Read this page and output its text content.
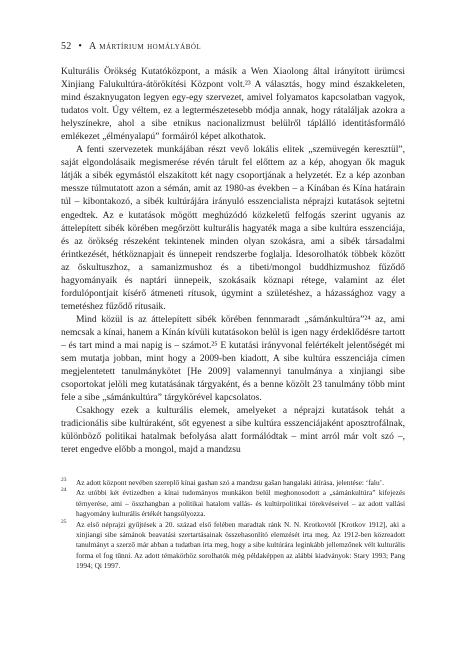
52 • A mártírium homályából

Kulturális Örökség Kutatóközpont, a másik a Wen Xiaolong által irányított ürümcsi Xinjiang Falukultúra-átörökítési Központ volt.²³ A választás, hogy mind északkeleten, mind északnyugaton legyen egy-egy szervezet, amivel folyamatos kapcsolatban vagyok, tudatos volt. Úgy véltem, ez a legtermészetesebb módja annak, hogy rátaláljak azokra a helyszínekre, ahol a sibe etnikus nacionalizmust belülről táplálló identitásformáló emlékezet „élményalapú” formáiról képet alkothatok.

A fenti szervezetek munkájában részt vevő lokális elitek „szemüvegén keresztül”, saját elgondolásaik megismerése révén tárult fel előttem az a kép, ahogyan ők maguk látják a sibék egymástól elszakított két nagy csoportjának a helyzetét. Ez a kép azonban messze túlmutatott azon a sémán, amit az 1980-as években – a Kínában és Kína határain túl – kibontakozó, a sibék kultúrájára irányuló esszencialista néprajzi kutatások sejtetni engedtek. Az e kutatások mögött meghúzódó közkeletű felfogás szerint ugyanis az áttelepített sibék körében megőrzött kulturális hagyaték maga a sibe kultúra esszenciája, és az örökség részeként tekintenek minden olyan szokásra, ami a sibék társadalmi érintkezését, hétköznapjait és ünnepeit rendszerbe foglalja. Idesorolhatók többek között az őskultuszhoz, a samanizmushoz és a tibeti/mongol buddhizmushoz fűződő hagyományaik és naptári ünnepeik, szokásaik köznapi rétege, valamint az élet fordulópontjait kísérő átmeneti rítusok, úgymint a születéshez, a házassághoz vagy a temetéshez fűződő rítusaik.

Mind közül is az áttelepített sibék körében fennmaradt „sámánkultúra”²⁴ az, ami nemcsak a kínai, hanem a Kínán kívüli kutatásokon belül is igen nagy érdeklődésre tartott – és tart mind a mai napig is – számot.²⁵ E kutatási irányvonal felértékelt jelentőségét mi sem mutatja jobban, mint hogy a 2009-ben kiadott, A sibe kultúra esszenciája címen megjelentetett tanulmánykötet [He 2009] valamennyi tanulmánya a xinjiangi sibe csoportokat jelöli meg kutatásának tárgyaként, és a benne közölt 23 tanulmány több mint fele a sibe „sámánkultúra” tárgykörével kapcsolatos.

Csakhogy ezek a kulturális elemek, amelyeket a néprajzi kutatások tehát a tradicionális sibe kultúraként, sőt egyenest a sibe kultúra esszenciájaként aposztrofálnak, különböző politikai hatalmak befolyása alatt formálódtak – mint arról már volt szó –, teret engedve előbb a mongol, majd a mandzsu

23 Az adott központ nevében szereplő kínai gashan szó a mandzsu gašan hangalaki átírása, jelentése: ‘falu’.

24 Az utóbbi két évtizedben a kínai tudományos munkákon belül meghonosodott a „sámánkultúra” kifejezés térnyerése, ami – összhangban a politikai hatalom vallás- és kultúrpolitikai törekvéseivel – az adott vallási hagyomány kulturális értékét hangsúlyozza.

25 Az első néprajzi gyűjtések a 20. század első felében maradtak ránk N. N. Krotkovtól [Krotkov 1912], aki a xinjiangi sibe sámánok beavatási szertartásainak összehasonlító elemzését írta meg. Az 1912-ben közreadott tanulmányt a szerző már abban a tudatban írta meg, hogy a sibe kultúrára leginkább jellemzőnek vélt kulturális forma el fog tűnni. Az adott témakörhöz sorolhatók még példaképpen az alábbi kiadványok: Stary 1993; Pang 1994; Qi 1997.
